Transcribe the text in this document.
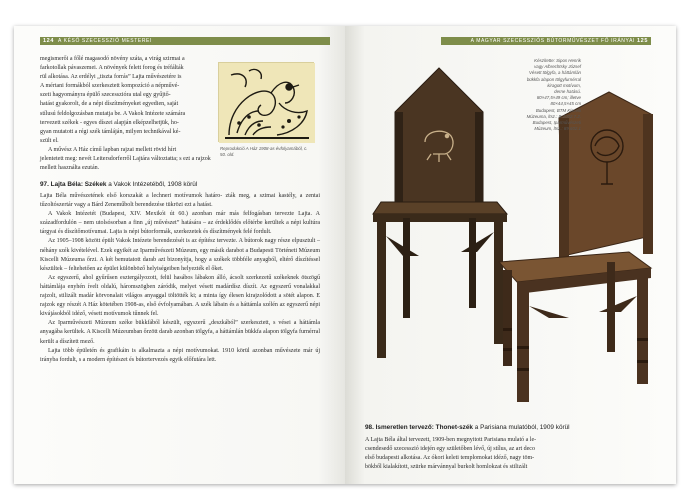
124 A KÉSŐ SZECESSZIÓ MESTEREI

megismerői a főlé magasodó növény száta, a virág szirmai a

farkotollak pávaszemei. A növények felett forog és tréfálták

rül alkotása. Az erdélyi „tiszta forrás” Lajta művészetére is

A mértani formákból szerkesztett kompozíció a népművé-

szeti hagyományra épülő szecesszióra utal egy gyűjtő-

hatást gyakorolt, de a népi díszítményeket egyedien, saját

stílusú feldolgozásban mutatja be. A Vakok Intézete számára

tervezett székek - egyes díszei alapján elképzelhetjük, ho-

gyan mutatott a régi szék támláján, milyen technikával ké-

szült el.

A művész A Ház című lapban rajzai mellett rövid hírt

jelentetett meg: nevét Leitersdorferről Lajtára változtatta; s ezt a rajzok

mellett használta ezután.

Reprodukció A Ház 1908-as évfolyamából, c. 50. old.
97. Lajta Béla: Székek a Vakok Intézetéből, 1908 körül

Lajta Béla művészetének első korszakát a lechneri motívumok határo- zták meg, a szimai kastély, a zentai tűzoltószertár vagy a Bárd Zeneműbolt berendezése tükrözi ezt a hatást.

A Vakok Intézetét (Budapest, XIV. Mexikói út 60.) azonban már más felfogásban tervezte Lajta. A századfordulón – nem utolsósorban a finn „új művészet” hatására – az érdeklődés előtérbe kerültek a népi kultúra tárgyai és díszítőmotívumai. Lajta is népi bútorformák, szerkezetek és díszítmények felé fordult.

Az 1905–1908 között épült Vakok Intézete berendezését is az építész tervezte. A bútorok nagy része elpusztult – néhány szék kivételével. Ezek egyikét az Iparművészeti Múzeum, egy másik darabot a Budapesti Történeti Múzeum Kiscelli Múzeuma őrzi. A két bemutatott darab azt bizonyítja, hogy a székek többféle anyagból, eltérő díszítéssel készültek – feltehetően az épület különböző helyiségeiben helyezték el őket.

Az egyszerű, ahol gyűrűsen esztergályozott, felül hasábos lábakon álló, ácsolt szerkezetű székeknek ötszögű háttámlája enyhén ívelt oldalú, háromszögben záródik, melyet vésett madárdísz díszít. Az egyszerű vonalakkal rajzolt, stilizált madár körvonalait világos anyaggal töltötték ki; a minta így élesen kirajzolódott a sötét alapon. E rajzok egy részét A Ház kötetében 1908-as, első évfolyamában. A szék lábain és a háttámla szélén az egyszerű népi kivájásokból idéző, vésett motívumok tűnnek fel.

Az Iparművészeti Múzeum széke bükkfából készült, egyszerű „deszkából” szerkesztett, s vései a háttámla anyagába kerültek. A Kiscelli Múzeumban őrzött darab azonban tölgyfa, a háttámlán bükkfa alapon tölgyfa furnérral került a díszített mező.

Lajta több épületén és grafikáin is alkalmazta a népi motívumokat. 1910 körül azonban művészete már új irányba fordult, s a modern építészet és bútortervezés egyik előfutára lett.

A MAGYAR SZECESSZIÓS BÚTORMŰVÉSZET FŐ IRÁNYAI 125
Készítette: Sipos Henrik
vagy Albrechtsky József
Vésett tölgyfa, a háttámlán
bükkfa alapon tölgyfurnérral
kiragott motívum,
derne hatású.
80×47,5×49 cm; illetve
80×44,5×45 cm
Budapest, BTM Kiscelli
Múzeuma, ltsz.: B 2002.7.2.
Budapest, Iparművészeti
Múzeum, ltsz.: 89.602.1
98. Ismeretlen tervező: Thonet-szék a Parisiana mulatóból, 1909 körül

A Lajta Béla által tervezett, 1909-ben megnyitott Parisiana mulató a le-

csendesedő szecesszió idején egy születőben lévő, új stílus, az art deco

első budapesti alkotása. Az ókori keleti templomokat idéző, nagy töm-

bökből kialakított, szürke márvánnyal burkolt homlokzat és stilizált
